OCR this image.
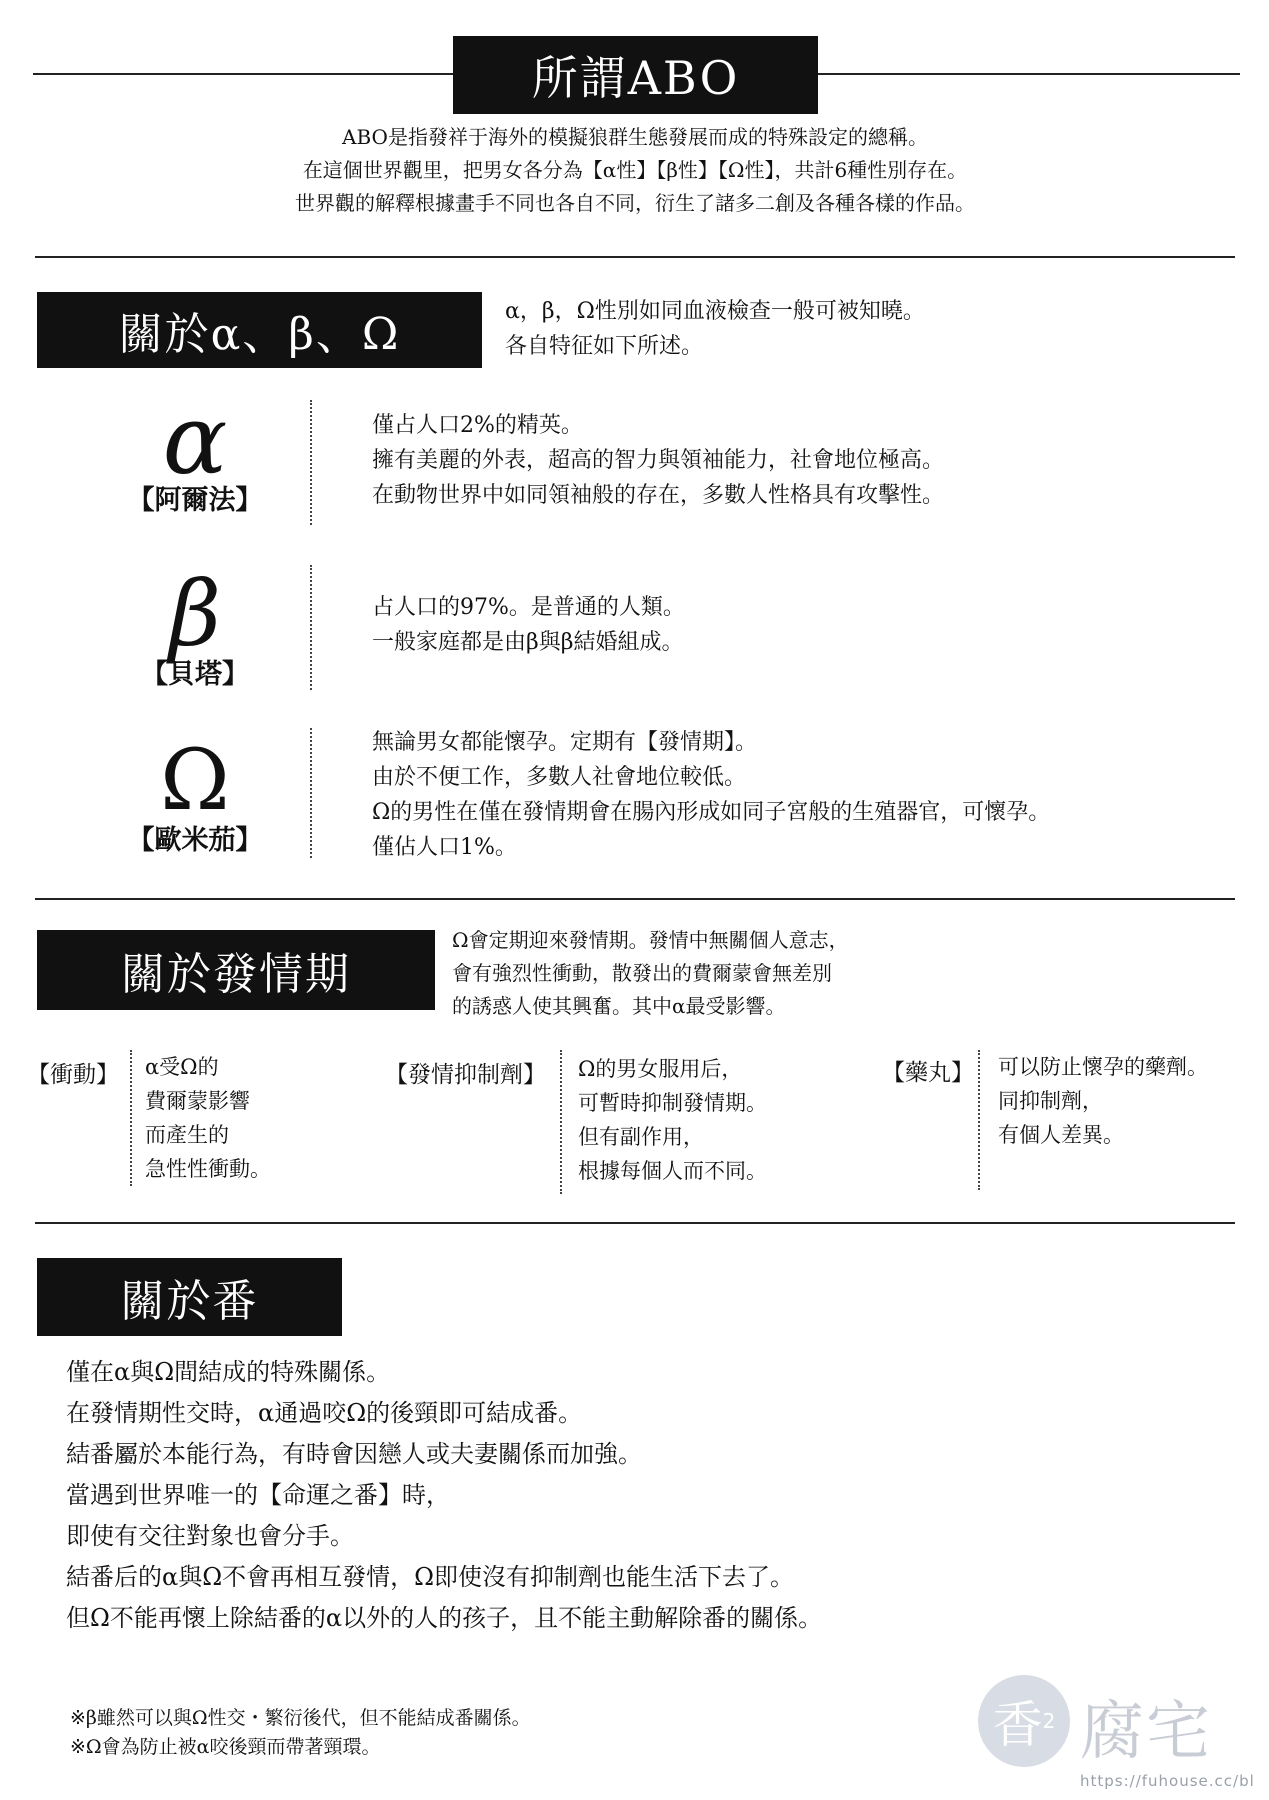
所謂ABO
ABO是指發祥于海外的模擬狼群生態發展而成的特殊設定的總稱。
在這個世界觀里，把男女各分為【α性】【β性】【Ω性】，共計6種性別存在。
世界觀的解釋根據畫手不同也各自不同，衍生了諸多二創及各種各樣的作品。
關於α、β、Ω	α，β，Ω性別如同血液檢查一般可被知曉。
各自特征如下所述。
α
【阿爾法】
僅占人口2%的精英。
擁有美麗的外表，超高的智力與領袖能力，社會地位極高。
在動物世界中如同領袖般的存在，多數人性格具有攻擊性。
β
【貝塔】
占人口的97%。是普通的人類。
一般家庭都是由β與β結婚組成。
Ω
【歐米茄】
無論男女都能懷孕。定期有【發情期】。
由於不便工作，多數人社會地位較低。
Ω的男性在僅在發情期會在腸內形成如同子宮般的生殖器官，可懷孕。
僅佔人口1%。
關於發情期
Ω會定期迎來發情期。發情中無關個人意志，
會有強烈性衝動，散發出的費爾蒙會無差別
的誘惑人使其興奮。其中α最受影響。
【衝動】 α受Ω的
費爾蒙影響
而產生的
急性性衝動。
【發情抑制劑】 Ω的男女服用后，
可暫時抑制發情期。
但有副作用，
根據每個人而不同。
【藥丸】 可以防止懷孕的藥劑。
同抑制劑，
有個人差異。
關於番
僅在α與Ω間結成的特殊關係。
在發情期性交時，α通過咬Ω的後頸即可結成番。
結番屬於本能行為，有時會因戀人或夫妻關係而加強。
當遇到世界唯一的【命運之番】時，
即使有交往對象也會分手。
結番后的α與Ω不會再相互發情，Ω即使沒有抑制劑也能生活下去了。
但Ω不能再懷上除結番的α以外的人的孩子，且不能主動解除番的關係。
※β雖然可以與Ω性交・繁衍後代，但不能結成番關係。
※Ω會為防止被α咬後頸而帶著頸環。	香 2 腐宅
https://fuhouse.cc/bl
